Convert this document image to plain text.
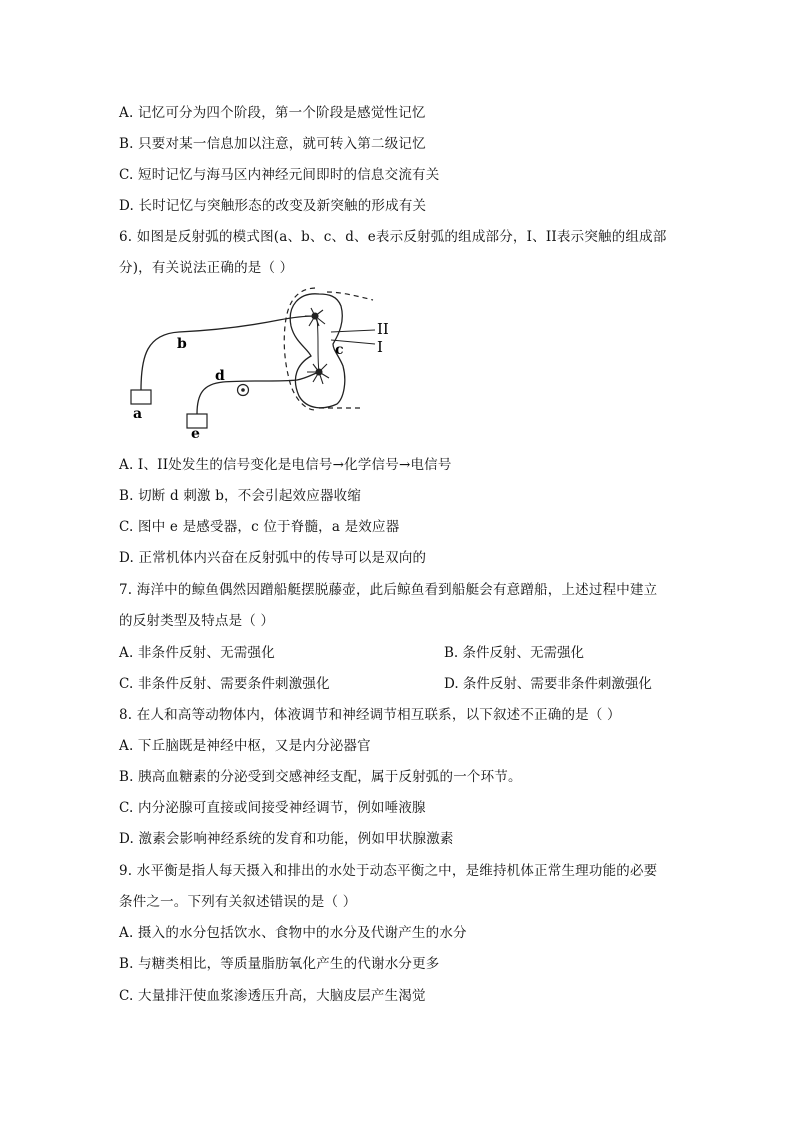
A. 记忆可分为四个阶段，第一个阶段是感觉性记忆
B. 只要对某一信息加以注意，就可转入第二级记忆
C. 短时记忆与海马区内神经元间即时的信息交流有关
D. 长时记忆与突触形态的改变及新突触的形成有关
6. 如图是反射弧的模式图(a、b、c、d、e表示反射弧的组成部分，I、II表示突触的组成部
分)，有关说法正确的是（ ）
b
a
d
e
c
II
I
A. I、II处发生的信号变化是电信号→化学信号→电信号
B. 切断 d 刺激 b，不会引起效应器收缩
C. 图中 e 是感受器，c 位于脊髓，a 是效应器
D. 正常机体内兴奋在反射弧中的传导可以是双向的
7. 海洋中的鲸鱼偶然因蹭船艇摆脱藤壶，此后鲸鱼看到船艇会有意蹭船，上述过程中建立
的反射类型及特点是（ ）
A. 非条件反射、无需强化	B. 条件反射、无需强化
C. 非条件反射、需要条件刺激强化	D. 条件反射、需要非条件刺激强化
8. 在人和高等动物体内，体液调节和神经调节相互联系，以下叙述不正确的是（ ）
A. 下丘脑既是神经中枢，又是内分泌器官
B. 胰高血糖素的分泌受到交感神经支配，属于反射弧的一个环节。
C. 内分泌腺可直接或间接受神经调节，例如唾液腺
D. 激素会影响神经系统的发育和功能，例如甲状腺激素
9. 水平衡是指人每天摄入和排出的水处于动态平衡之中，是维持机体正常生理功能的必要
条件之一。下列有关叙述错误的是（ ）
A. 摄入的水分包括饮水、食物中的水分及代谢产生的水分
B. 与糖类相比，等质量脂肪氧化产生的代谢水分更多
C. 大量排汗使血浆渗透压升高，大脑皮层产生渴觉
